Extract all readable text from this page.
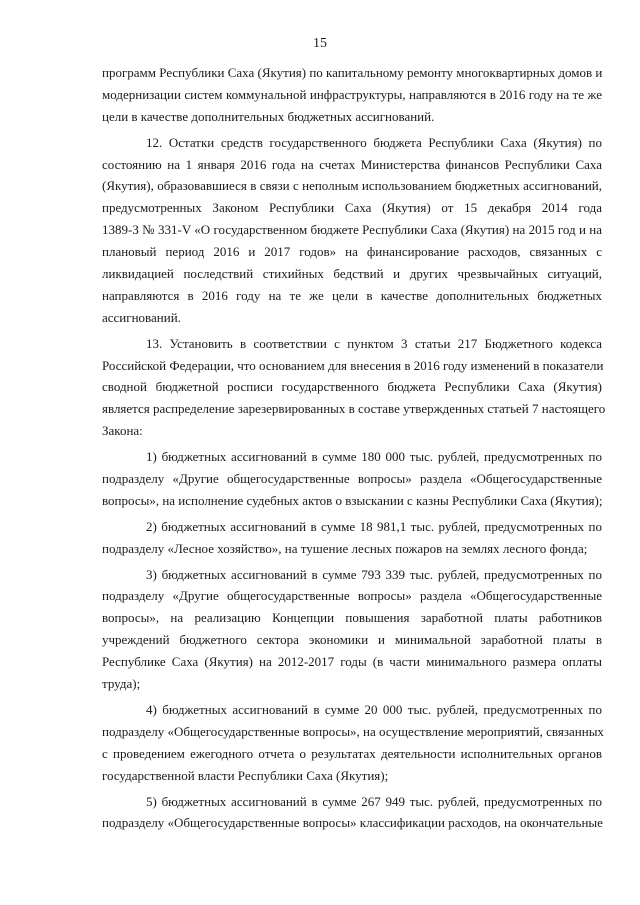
15
программ Республики Саха (Якутия) по капитальному ремонту многоквартирных домов и
модернизации систем коммунальной инфраструктуры, направляются в 2016 году на те же
цели в качестве дополнительных бюджетных ассигнований.
12. Остатки средств государственного бюджета Республики Саха (Якутия) по
состоянию на 1 января 2016 года на счетах Министерства финансов Республики Саха
(Якутия), образовавшиеся в связи с неполным использованием бюджетных ассигнований,
предусмотренных Законом Республики Саха (Якутия) от 15 декабря 2014 года
1389-З № 331-V «О государственном бюджете Республики Саха (Якутия) на 2015 год и на
плановый период 2016 и 2017 годов» на финансирование расходов, связанных с
ликвидацией последствий стихийных бедствий и других чрезвычайных ситуаций,
направляются в 2016 году на те же цели в качестве дополнительных бюджетных
ассигнований.
13. Установить в соответствии с пунктом 3 статьи 217 Бюджетного кодекса
Российской Федерации, что основанием для внесения в 2016 году изменений в показатели
сводной бюджетной росписи государственного бюджета Республики Саха (Якутия)
является распределение зарезервированных в составе утвержденных статьей 7 настоящего
Закона:
1) бюджетных ассигнований в сумме 180 000 тыс. рублей, предусмотренных по
подразделу «Другие общегосударственные вопросы» раздела «Общегосударственные
вопросы», на исполнение судебных актов о взыскании с казны Республики Саха (Якутия);
2) бюджетных ассигнований в сумме 18 981,1 тыс. рублей, предусмотренных по
подразделу «Лесное хозяйство», на тушение лесных пожаров на землях лесного фонда;
3) бюджетных ассигнований в сумме 793 339 тыс. рублей, предусмотренных по
подразделу «Другие общегосударственные вопросы» раздела «Общегосударственные
вопросы», на реализацию Концепции повышения заработной платы работников
учреждений бюджетного сектора экономики и минимальной заработной платы в
Республике Саха (Якутия) на 2012-2017 годы (в части минимального размера оплаты
труда);
4) бюджетных ассигнований в сумме 20 000 тыс. рублей, предусмотренных по
подразделу «Общегосударственные вопросы», на осуществление мероприятий, связанных
с проведением ежегодного отчета о результатах деятельности исполнительных органов
государственной власти Республики Саха (Якутия);
5) бюджетных ассигнований в сумме 267 949 тыс. рублей, предусмотренных по
подразделу «Общегосударственные вопросы» классификации расходов, на окончательные
